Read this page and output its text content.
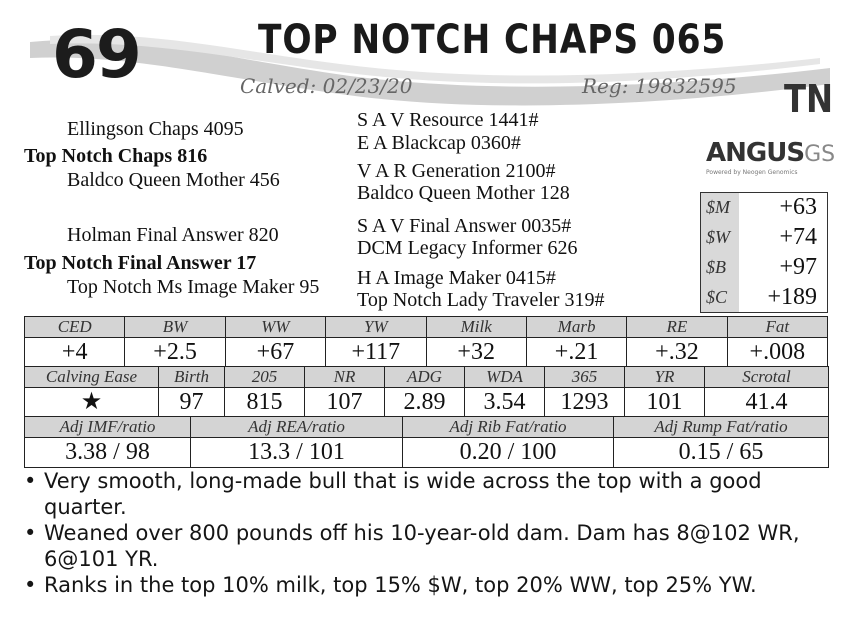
69	TOP NOTCH CHAPS 065
Calved: 02/23/20	Reg: 19832595 TN
Ellingson Chaps 4095
Top Notch Chaps 816
Baldco Queen Mother 456
Holman Final Answer 820
Top Notch Final Answer 17
Top Notch Ms Image Maker 95
S A V Resource 1441#
E A Blackcap 0360#
V A R Generation 2100#
Baldco Queen Mother 128
S A V Final Answer 0035#
DCM Legacy Informer 626
H A Image Maker 0415#
Top Notch Lady Traveler 319#
ANGUSGS
Powered by Neogen Genomics
$M	+63
$W	+74
$B	+97
$C	+189
CED	BW	WW	YW	Milk	Marb	RE	Fat
+4	+2.5	+67	+117	+32	+.21	+.32	+.008
Calving Ease	Birth	205	NR	ADG	WDA	365	YR	Scrotal
★	97	815	107	2.89	3.54	1293	101	41.4
Adj IMF/ratio	Adj REA/ratio	Adj Rib Fat/ratio	Adj Rump Fat/ratio
3.38 / 98	13.3 / 101	0.20 / 100	0.15 / 65
• Very smooth, long-made bull that is wide across the top with a good quarter.
• Weaned over 800 pounds off his 10-year-old dam. Dam has 8@102 WR, 6@101 YR.
• Ranks in the top 10% milk, top 15% $W, top 20% WW, top 25% YW.
